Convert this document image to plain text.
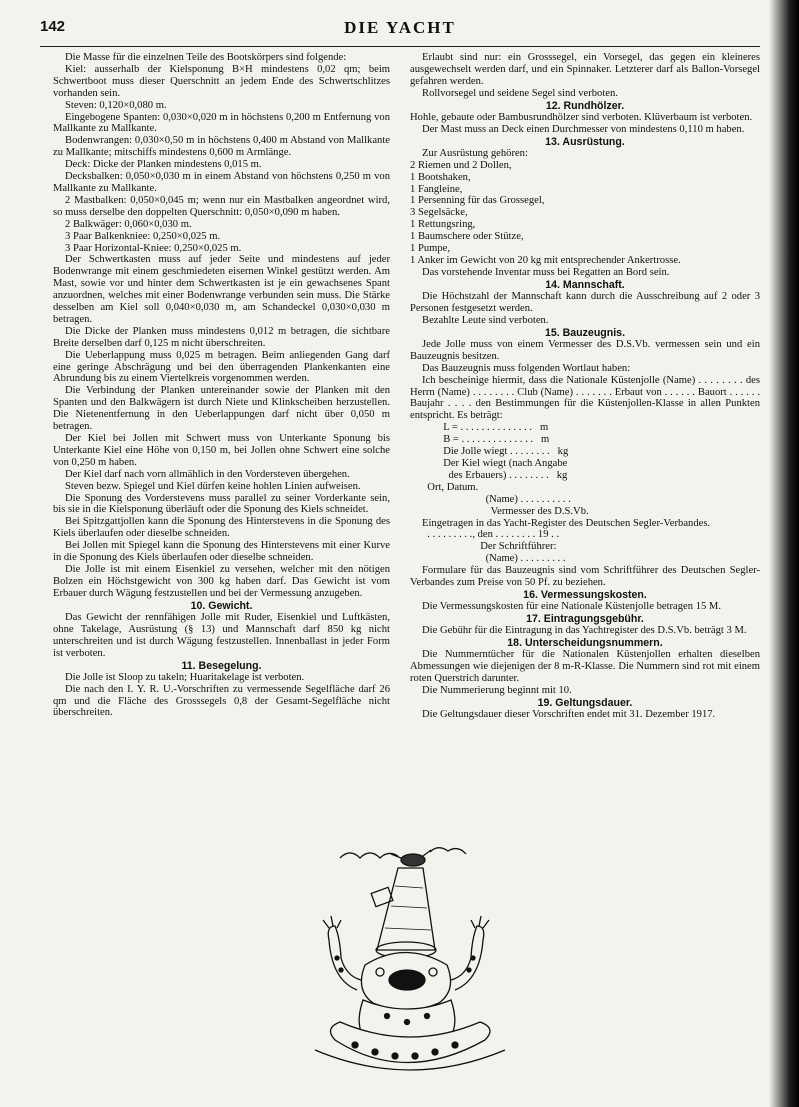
142	DIE YACHT

Die Masse für die einzelnen Teile des Bootskörpers sind folgende:

Kiel: ausserhalb der Kielsponung B×H mindestens 0,02 qm; beim Schwertboot muss dieser Querschnitt an jedem Ende des Schwertschlitzes vorhanden sein.

Steven: 0,120×0,080 m.

Eingebogene Spanten: 0,030×0,020 m in höchstens 0,200 m Entfernung von Mallkante zu Mallkante.

Bodenwrangen: 0,030×0,50 m in höchstens 0,400 m Abstand von Mallkante zu Mallkante; mitschiffs mindestens 0,600 m Armlänge.

Deck: Dicke der Planken mindestens 0,015 m.

Decksbalken: 0,050×0,030 m in einem Abstand von höchstens 0,250 m von Mallkante zu Mallkante.

2 Mastbalken: 0,050×0,045 m; wenn nur ein Mastbalken angeordnet wird, so muss derselbe den doppelten Querschnitt: 0,050×0,090 m haben.

2 Balkwäger: 0,060×0,030 m.

3 Paar Balkenkniee: 0,250×0,025 m.

3 Paar Horizontal-Kniee: 0,250×0,025 m.

Der Schwertkasten muss auf jeder Seite und mindestens auf jeder Bodenwrange mit einem geschmiedeten eisernen Winkel gestützt werden. Am Mast, sowie vor und hinter dem Schwertkasten ist je ein gewachsenes Spant anzuordnen, welches mit einer Bodenwrange verbunden sein muss. Die Stärke desselben am Kiel soll 0,040×0,030 m, am Schandeckel 0,030×0,030 m betragen.

Die Dicke der Planken muss mindestens 0,012 m betragen, die sichtbare Breite derselben darf 0,125 m nicht überschreiten.

Die Ueberlappung muss 0,025 m betragen. Beim anliegenden Gang darf eine geringe Abschrägung und bei den überragenden Plankenkanten eine Abrundung bis zu einem Viertelkreis vorgenommen werden.

Die Verbindung der Planken untereinander sowie der Planken mit den Spanten und den Balkwägern ist durch Niete und Klinkscheiben herzustellen. Die Nietenentfernung in den Ueberlappungen darf nicht über 0,050 m betragen.

Der Kiel bei Jollen mit Schwert muss von Unterkante Sponung bis Unterkante Kiel eine Höhe von 0,150 m, bei Jollen ohne Schwert eine solche von 0,250 m haben.

Der Kiel darf nach vorn allmählich in den Vordersteven übergehen.

Steven bezw. Spiegel und Kiel dürfen keine hohlen Linien aufweisen.

Die Sponung des Vorderstevens muss parallel zu seiner Vorderkante sein, bis sie in die Kielsponung überläuft oder die Sponung des Kiels schneidet.

Bei Spitzgattjollen kann die Sponung des Hinterstevens in die Sponung des Kiels überlaufen oder dieselbe schneiden.

Bei Jollen mit Spiegel kann die Sponung des Hinterstevens mit einer Kurve in die Sponung des Kiels überlaufen oder dieselbe schneiden.

Die Jolle ist mit einem Eisenkiel zu versehen, welcher mit den nötigen Bolzen ein Höchstgewicht von 300 kg haben darf. Das Gewicht ist vom Erbauer durch Wägung festzustellen und bei der Vermessung anzugeben.

10. Gewicht.

Das Gewicht der rennfähigen Jolle mit Ruder, Eisenkiel und Luftkästen, ohne Takelage, Ausrüstung (§ 13) und Mannschaft darf 850 kg nicht unterschreiten und ist durch Wägung festzustellen. Innenballast in jeder Form ist verboten.

11. Besegelung.

Die Jolle ist Sloop zu takeln; Huaritakelage ist verboten.

Die nach den I. Y. R. U.-Vorschriften zu vermessende Segelfläche darf 26 qm und die Fläche des Grosssegels 0,8 der Gesamt-Segelfläche nicht überschreiten.

Erlaubt sind nur: ein Grosssegel, ein Vorsegel, das gegen ein kleineres ausgewechselt werden darf, und ein Spinnaker. Letzterer darf als Ballon-Vorsegel gefahren werden.

Rollvorsegel und seidene Segel sind verboten.

12. Rundhölzer.

Hohle, gebaute oder Bambusrundhölzer sind verboten. Klüverbaum ist verboten.

Der Mast muss an Deck einen Durchmesser von mindestens 0,110 m haben.

13. Ausrüstung.

Zur Ausrüstung gehören:

2 Riemen und 2 Dollen,

1 Bootshaken,

1 Fangleine,

1 Persenning für das Grossegel,

3 Segelsäcke,

1 Rettungsring,

1 Baumschere oder Stütze,

1 Pumpe,

1 Anker im Gewicht von 20 kg mit entsprechender Ankertrosse.

Das vorstehende Inventar muss bei Regatten an Bord sein.

14. Mannschaft.

Die Höchstzahl der Mannschaft kann durch die Ausschreibung auf 2 oder 3 Personen festgesetzt werden.

Bezahlte Leute sind verboten.

15. Bauzeugnis.

Jede Jolle muss von einem Vermesser des D.S.Vb. vermessen sein und ein Bauzeugnis besitzen.

Das Bauzeugnis muss folgenden Wortlaut haben:

Ich bescheinige hiermit, dass die Nationale Küstenjolle (Name) . . . . . . . . des Herrn (Name) . . . . . . . . Club (Name) . . . . . . . Erbaut von . . . . . . Bauort . . . . . . Baujahr . . . . den Bestimmungen für die Küstenjollen-Klasse in allen Punkten entspricht. Es beträgt:

L = . . . . . . . . . . . . . .   m

B = . . . . . . . . . . . . . .   m

Die Jolle wiegt . . . . . . . .   kg

Der Kiel wiegt (nach Angabe

des Erbauers) . . . . . . . .   kg

Ort, Datum.

(Name) . . . . . . . . . .

Vermesser des D.S.Vb.

Eingetragen in das Yacht-Register des Deutschen Segler-Verbandes.

. . . . . . . . ., den . . . . . . . . 19 . .

Der Schriftführer:

(Name) . . . . . . . . .

Formulare für das Bauzeugnis sind vom Schriftführer des Deutschen Segler-Verbandes zum Preise von 50 Pf. zu beziehen.

16. Vermessungskosten.

Die Vermessungskosten für eine Nationale Küstenjolle betragen 15 M.

17. Eintragungsgebühr.

Die Gebühr für die Eintragung in das Yachtregister des D.S.Vb. beträgt 3 M.

18. Unterscheidungsnummern.

Die Nummerntücher für die Nationalen Küstenjollen erhalten dieselben Abmessungen wie diejenigen der 8 m-R-Klasse. Die Nummern sind rot mit einem roten Querstrich darunter.

Die Nummerierung beginnt mit 10.

19. Geltungsdauer.

Die Geltungsdauer dieser Vorschriften endet mit 31. Dezember 1917.
